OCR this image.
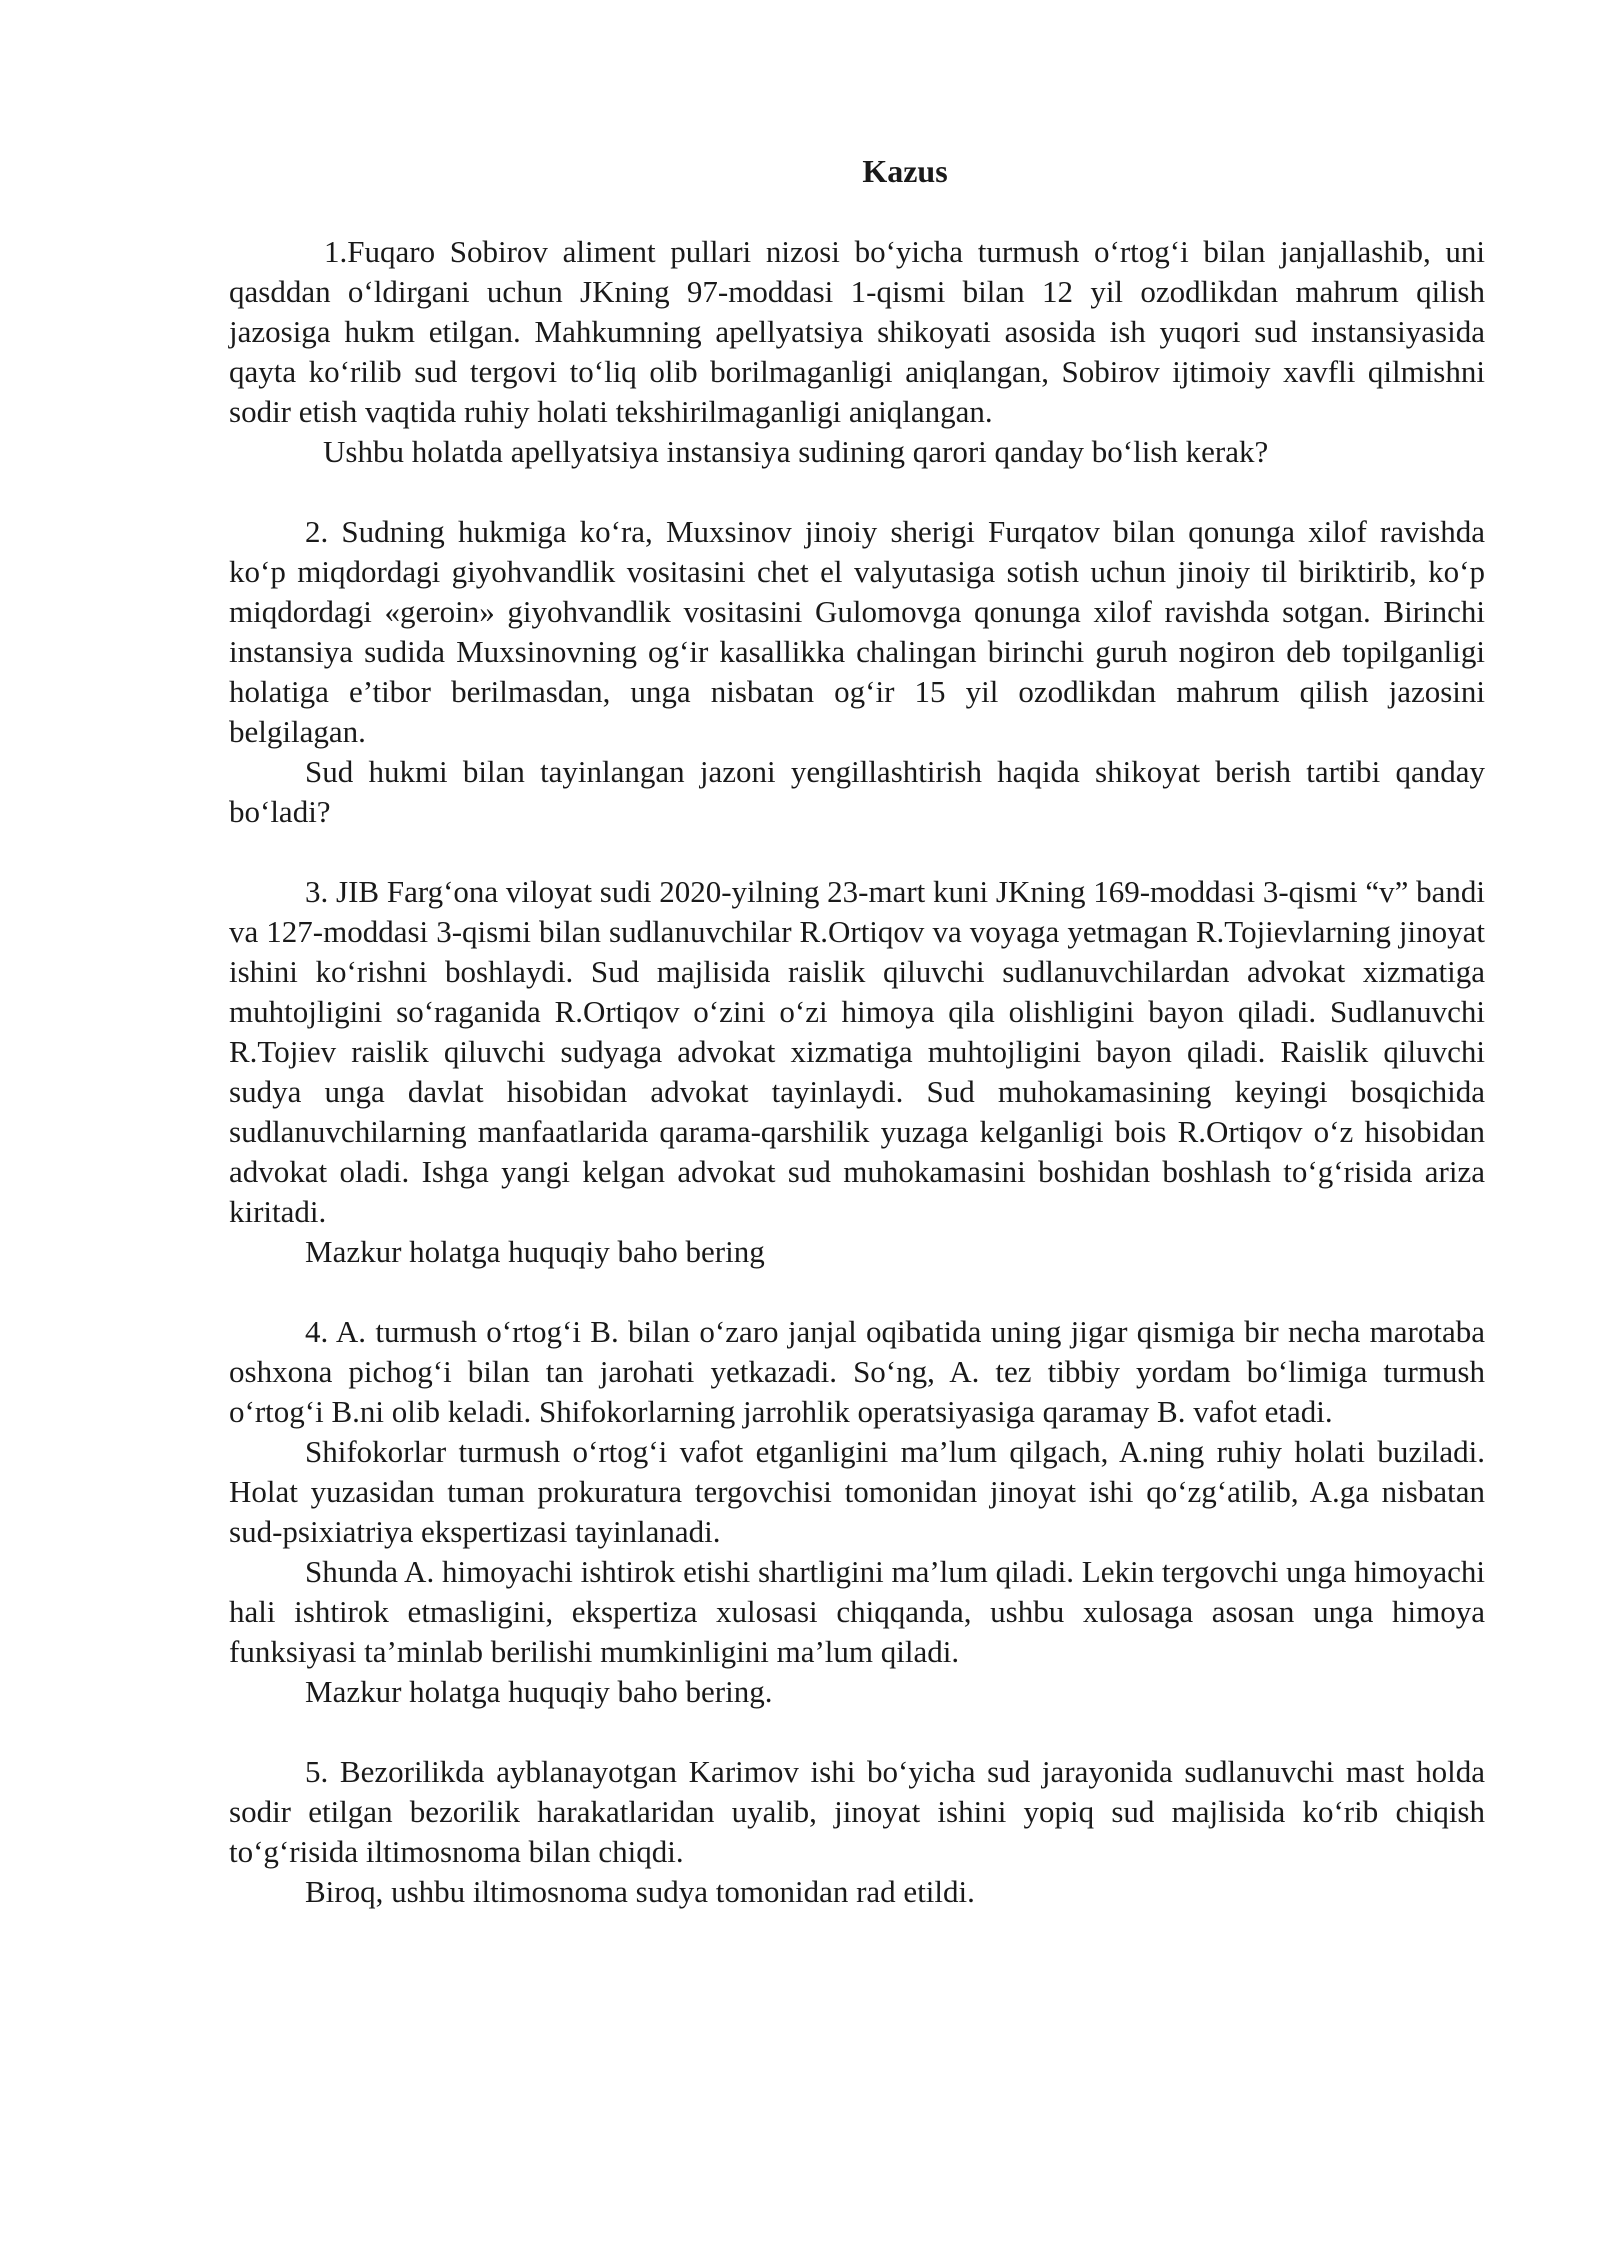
Kazus

1.Fuqaro Sobirov aliment pullari nizosi bo‘yicha turmush o‘rtog‘i bilan janjallashib, uni qasddan o‘ldirgani uchun JKning 97-moddasi 1-qismi bilan 12 yil ozodlikdan mahrum qilish jazosiga hukm etilgan. Mahkumning apellyatsiya shikoyati asosida ish yuqori sud instansiyasida qayta ko‘rilib sud tergovi to‘liq olib borilmaganligi aniqlangan, Sobirov ijtimoiy xavfli qilmishni sodir etish vaqtida ruhiy holati tekshirilmaganligi aniqlangan.

Ushbu holatda apellyatsiya instansiya sudining qarori qanday bo‘lish kerak?

2. Sudning hukmiga ko‘ra, Muxsinov jinoiy sherigi Furqatov bilan qonunga xilof ravishda ko‘p miqdordagi giyohvandlik vositasini chet el valyutasiga sotish uchun jinoiy til biriktirib, ko‘p miqdordagi «geroin» giyohvandlik vositasini Gulomovga qonunga xilof ravishda sotgan. Birinchi instansiya sudida Muxsinovning og‘ir kasallikka chalingan birinchi guruh nogiron deb topilganligi holatiga e’tibor berilmasdan, unga nisbatan og‘ir 15 yil ozodlikdan mahrum qilish jazosini belgilagan.

Sud hukmi bilan tayinlangan jazoni yengillashtirish haqida shikoyat berish tartibi qanday bo‘ladi?

3. JIB Farg‘ona viloyat sudi 2020-yilning 23-mart kuni JKning 169-moddasi 3-qismi “v” bandi va 127-moddasi 3-qismi bilan sudlanuvchilar R.Ortiqov va voyaga yetmagan R.Tojievlarning jinoyat ishini ko‘rishni boshlaydi. Sud majlisida raislik qiluvchi sudlanuvchilardan advokat xizmatiga muhtojligini so‘raganida R.Ortiqov o‘zini o‘zi himoya qila olishligini bayon qiladi. Sudlanuvchi R.Tojiev raislik qiluvchi sudyaga advokat xizmatiga muhtojligini bayon qiladi. Raislik qiluvchi sudya unga davlat hisobidan advokat tayinlaydi. Sud muhokamasining keyingi bosqichida sudlanuvchilarning manfaatlarida qarama-qarshilik yuzaga kelganligi bois R.Ortiqov o‘z hisobidan advokat oladi. Ishga yangi kelgan advokat sud muhokamasini boshidan boshlash to‘g‘risida ariza kiritadi.

Mazkur holatga huquqiy baho bering

4. A. turmush o‘rtog‘i B. bilan o‘zaro janjal oqibatida uning jigar qismiga bir necha marotaba oshxona pichog‘i bilan tan jarohati yetkazadi. So‘ng, A. tez tibbiy yordam bo‘limiga turmush o‘rtog‘i B.ni olib keladi. Shifokorlarning jarrohlik operatsiyasiga qaramay B. vafot etadi.

Shifokorlar turmush o‘rtog‘i vafot etganligini ma’lum qilgach, A.ning ruhiy holati buziladi. Holat yuzasidan tuman prokuratura tergovchisi tomonidan jinoyat ishi qo‘zg‘atilib, A.ga nisbatan sud-psixiatriya ekspertizasi tayinlanadi.

Shunda A. himoyachi ishtirok etishi shartligini ma’lum qiladi. Lekin tergovchi unga himoyachi hali ishtirok etmasligini, ekspertiza xulosasi chiqqanda, ushbu xulosaga asosan unga himoya funksiyasi ta’minlab berilishi mumkinligini ma’lum qiladi.

Mazkur holatga huquqiy baho bering.

5. Bezorilikda ayblanayotgan Karimov ishi bo‘yicha sud jarayonida sudlanuvchi mast holda sodir etilgan bezorilik harakatlaridan uyalib, jinoyat ishini yopiq sud majlisida ko‘rib chiqish to‘g‘risida iltimosnoma bilan chiqdi.

Biroq, ushbu iltimosnoma sudya tomonidan rad etildi.
